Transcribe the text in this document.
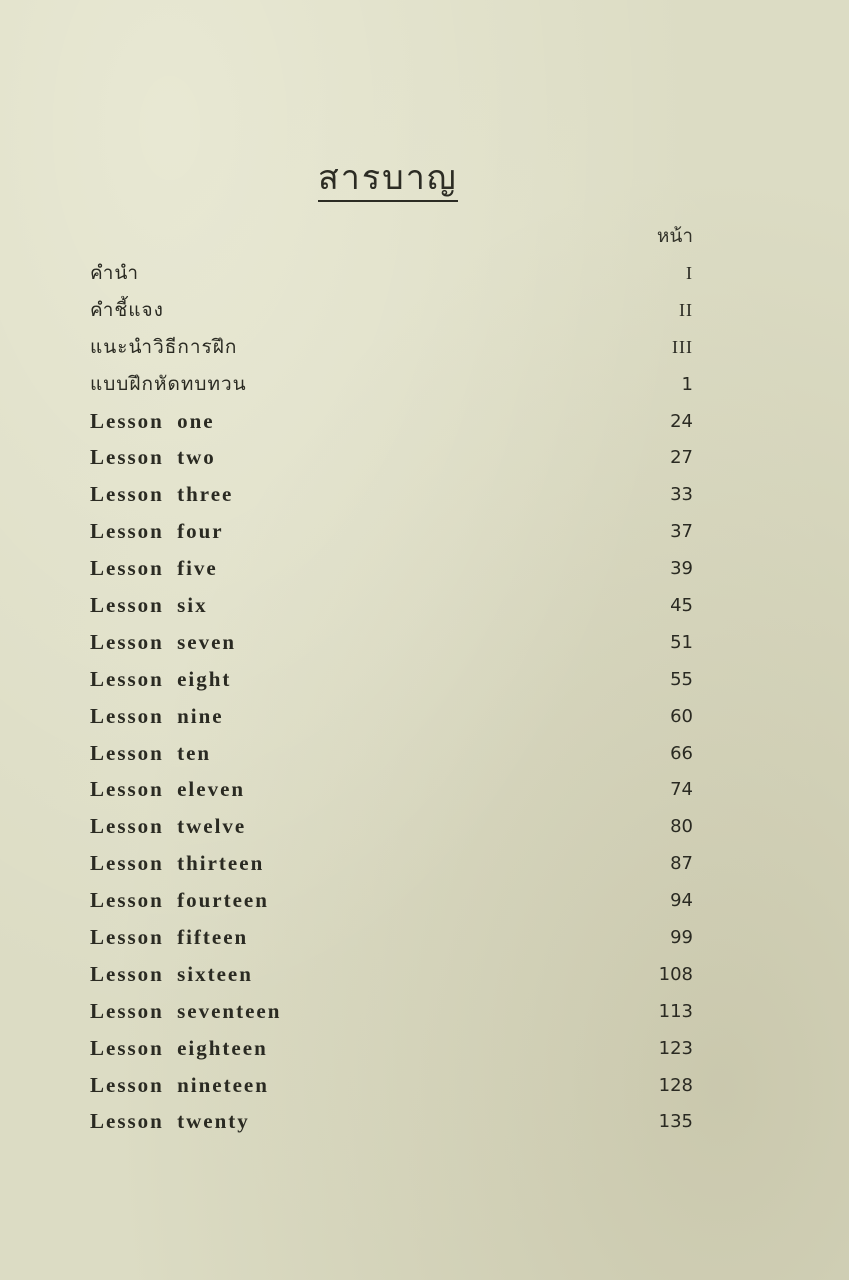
สารบาญ
หน้า
คำนำ	I
คำชี้แจง	II
แนะนำวิธีการฝึก	III
แบบฝึกหัดทบทวน	1
Lesson one	24
Lesson two	27
Lesson three	33
Lesson four	37
Lesson five	39
Lesson six	45
Lesson seven	51
Lesson eight	55
Lesson nine	60
Lesson ten	66
Lesson eleven	74
Lesson twelve	80
Lesson thirteen	87
Lesson fourteen	94
Lesson fifteen	99
Lesson sixteen	108
Lesson seventeen	113
Lesson eighteen	123
Lesson nineteen	128
Lesson twenty	135
